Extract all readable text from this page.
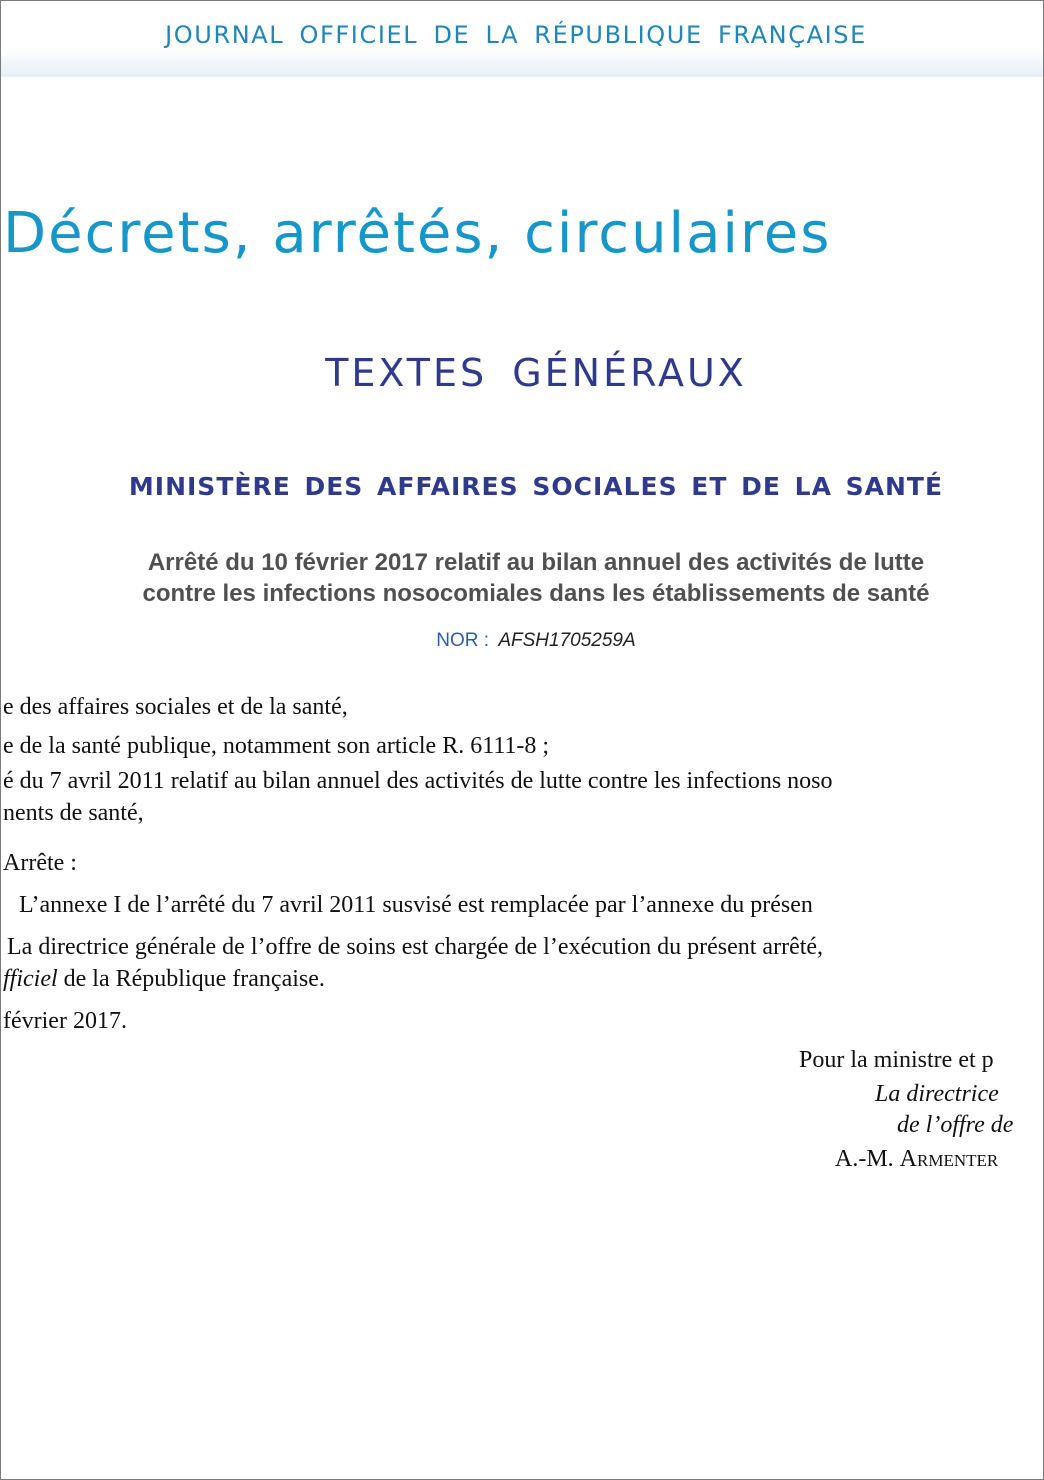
JOURNAL OFFICIEL DE LA RÉPUBLIQUE FRANÇAISE
Décrets, arrêtés, circulaires
TEXTES GÉNÉRAUX
MINISTÈRE DES AFFAIRES SOCIALES ET DE LA SANTÉ
Arrêté du 10 février 2017 relatif au bilan annuel des activités de lutte
contre les infections nosocomiales dans les établissements de santé
NOR : AFSH1705259A
e des affaires sociales et de la santé,
e de la santé publique, notamment son article R. 6111-8 ;
é du 7 avril 2011 relatif au bilan annuel des activités de lutte contre les infections noso
nents de santé,
Arrête :
L’annexe I de l’arrêté du 7 avril 2011 susvisé est remplacée par l’annexe du présen
La directrice générale de l’offre de soins est chargée de l’exécution du présent arrêté,
fficiel de la République française.
février 2017.
Pour la ministre et p
La directrice
de l’offre de
A.-M. Armenter
